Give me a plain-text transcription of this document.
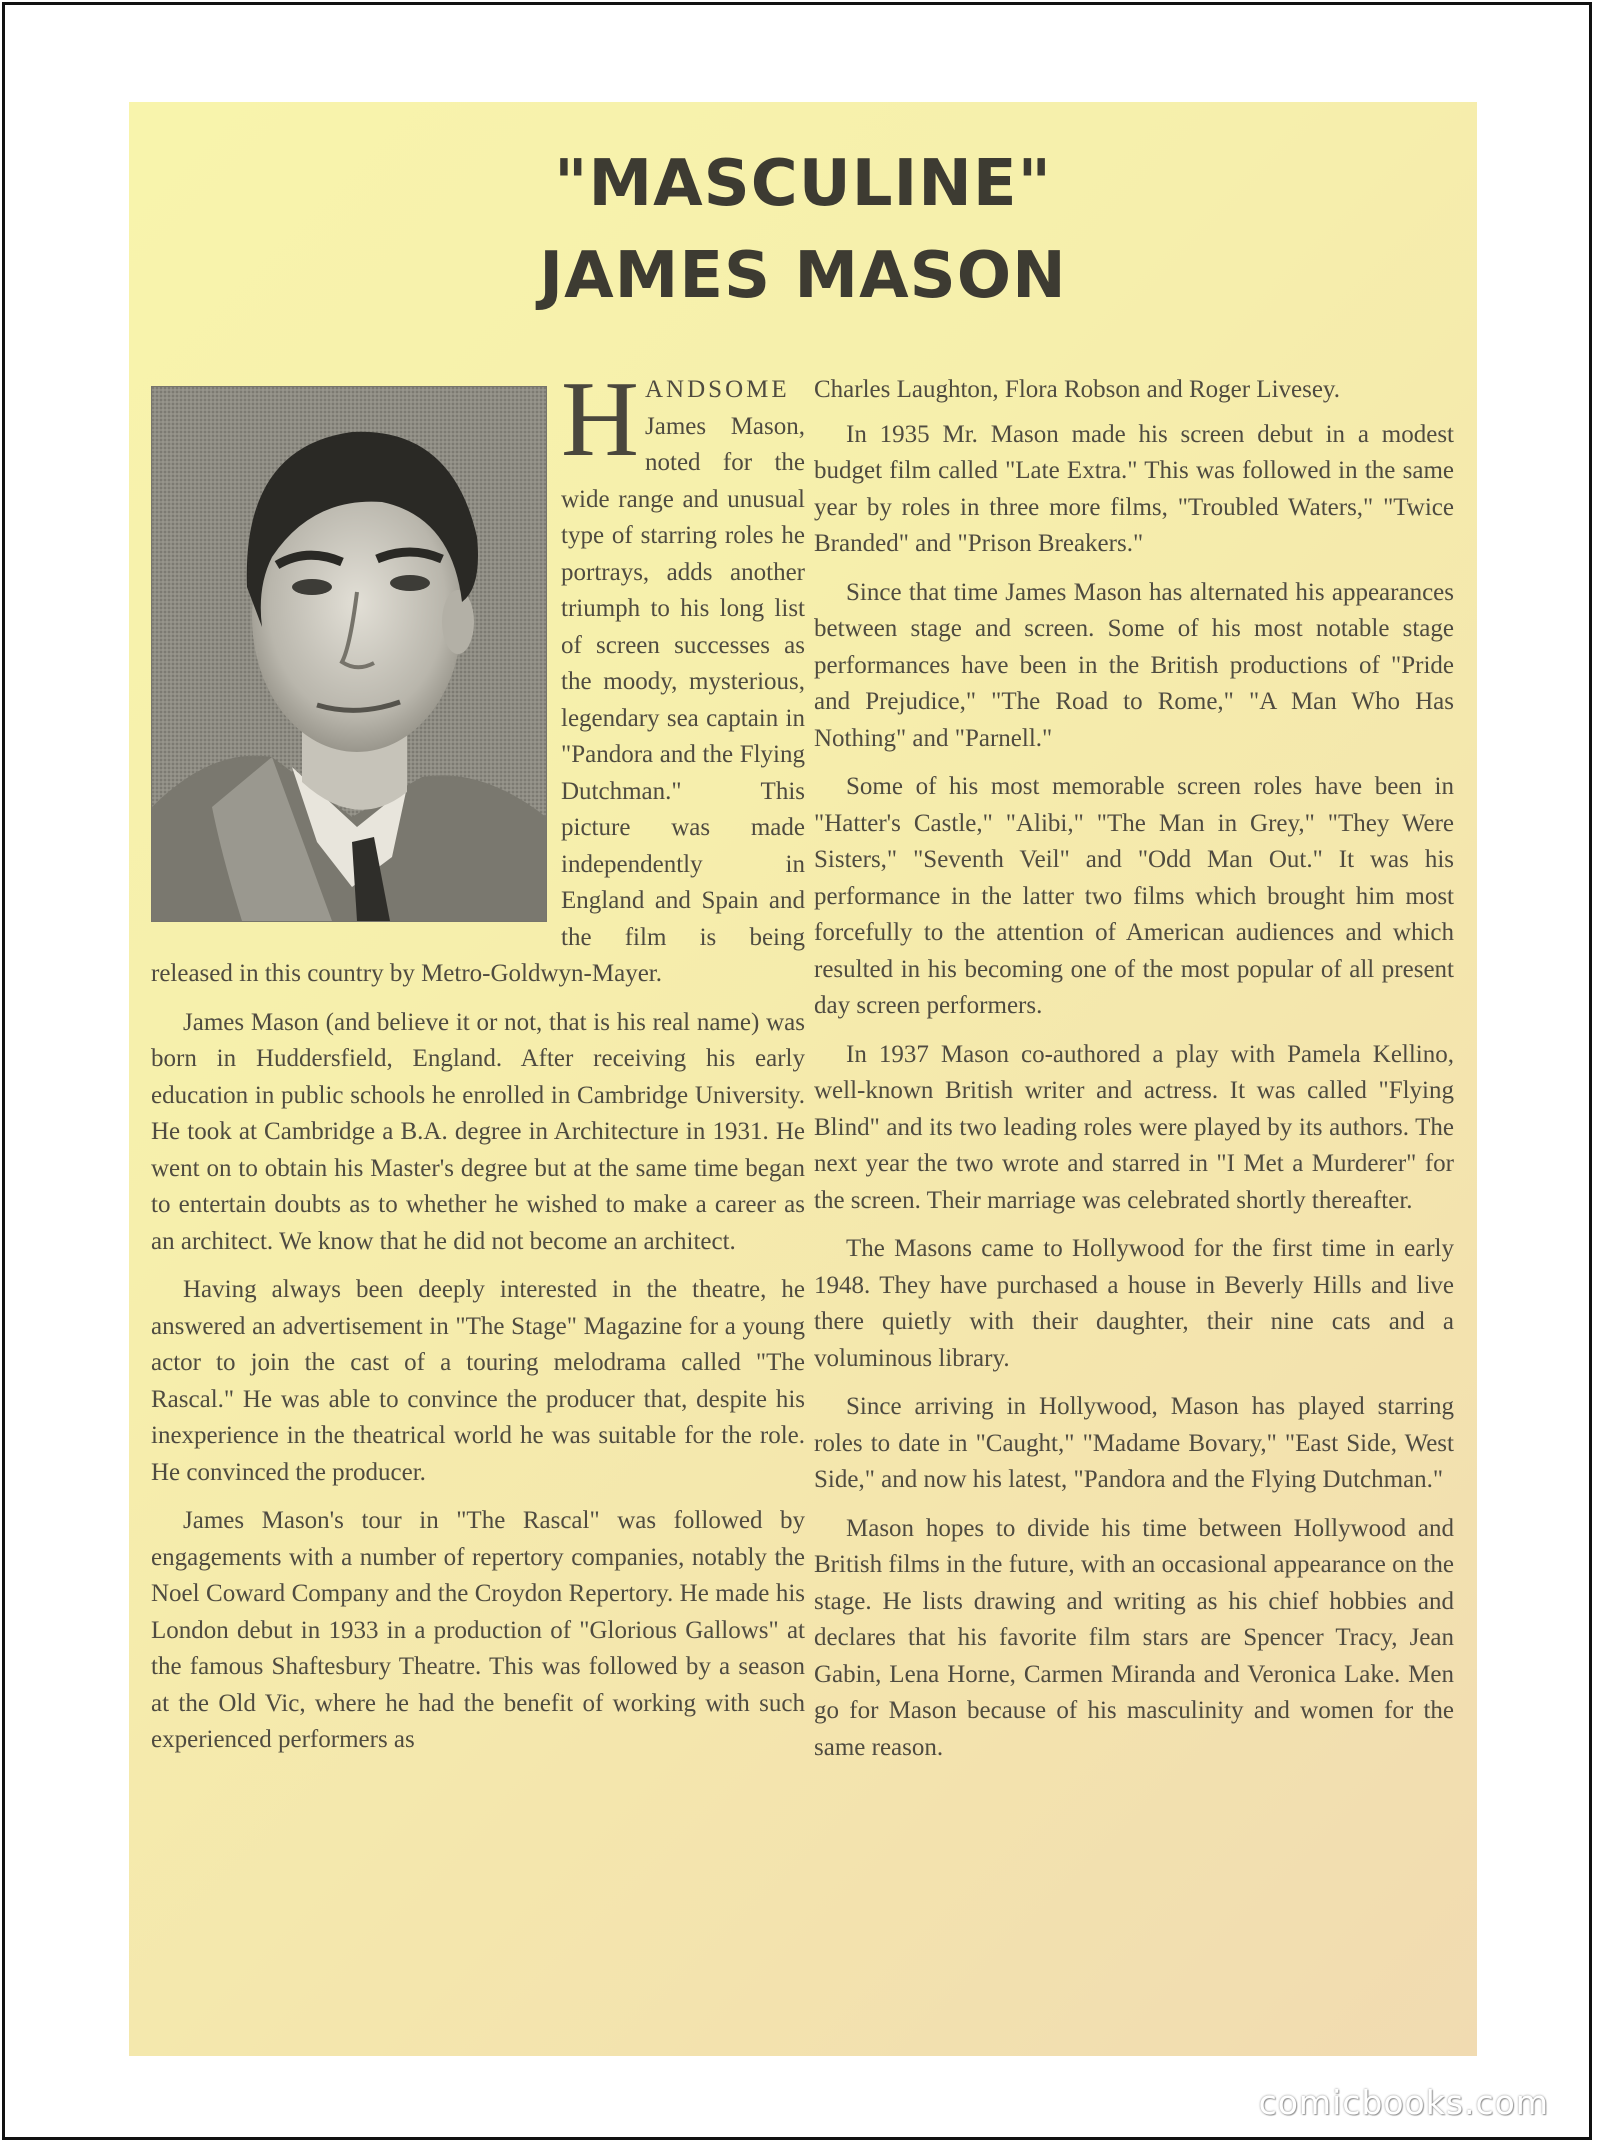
"MASCULINE"
JAMES MASON

HANDSOME James Mason, noted for the wide range and unusual type of starring roles he portrays, adds another triumph to his long list of screen successes as the moody, mysterious, legendary sea captain in "Pandora and the Flying Dutchman." This picture was made independently in England and Spain and the film is being released in this country by Metro-Goldwyn-Mayer.

James Mason (and believe it or not, that is his real name) was born in Huddersfield, England. After receiving his early education in public schools he enrolled in Cambridge University. He took at Cambridge a B.A. degree in Architecture in 1931. He went on to obtain his Master's degree but at the same time began to entertain doubts as to whether he wished to make a career as an architect. We know that he did not become an architect.

Having always been deeply interested in the theatre, he answered an advertisement in "The Stage" Magazine for a young actor to join the cast of a touring melodrama called "The Rascal." He was able to convince the producer that, despite his inexperience in the theatrical world he was suitable for the role. He convinced the producer.

James Mason's tour in "The Rascal" was followed by engagements with a number of repertory companies, notably the Noel Coward Company and the Croydon Repertory. He made his London debut in 1933 in a production of "Glorious Gallows" at the famous Shaftesbury Theatre. This was followed by a season at the Old Vic, where he had the benefit of working with such experienced performers as

Charles Laughton, Flora Robson and Roger Livesey.

In 1935 Mr. Mason made his screen debut in a modest budget film called "Late Extra." This was followed in the same year by roles in three more films, "Troubled Waters," "Twice Branded" and "Prison Breakers."

Since that time James Mason has alternated his appearances between stage and screen. Some of his most notable stage performances have been in the British productions of "Pride and Prejudice," "The Road to Rome," "A Man Who Has Nothing" and "Parnell."

Some of his most memorable screen roles have been in "Hatter's Castle," "Alibi," "The Man in Grey," "They Were Sisters," "Seventh Veil" and "Odd Man Out." It was his performance in the latter two films which brought him most forcefully to the attention of American audiences and which resulted in his becoming one of the most popular of all present day screen performers.

In 1937 Mason co-authored a play with Pamela Kellino, well-known British writer and actress. It was called "Flying Blind" and its two leading roles were played by its authors. The next year the two wrote and starred in "I Met a Murderer" for the screen. Their marriage was celebrated shortly thereafter.

The Masons came to Hollywood for the first time in early 1948. They have purchased a house in Beverly Hills and live there quietly with their daughter, their nine cats and a voluminous library.

Since arriving in Hollywood, Mason has played starring roles to date in "Caught," "Madame Bovary," "East Side, West Side," and now his latest, "Pandora and the Flying Dutchman."

Mason hopes to divide his time between Hollywood and British films in the future, with an occasional appearance on the stage. He lists drawing and writing as his chief hobbies and declares that his favorite film stars are Spencer Tracy, Jean Gabin, Lena Horne, Carmen Miranda and Veronica Lake. Men go for Mason because of his masculinity and women for the same reason.

comicbooks.com
